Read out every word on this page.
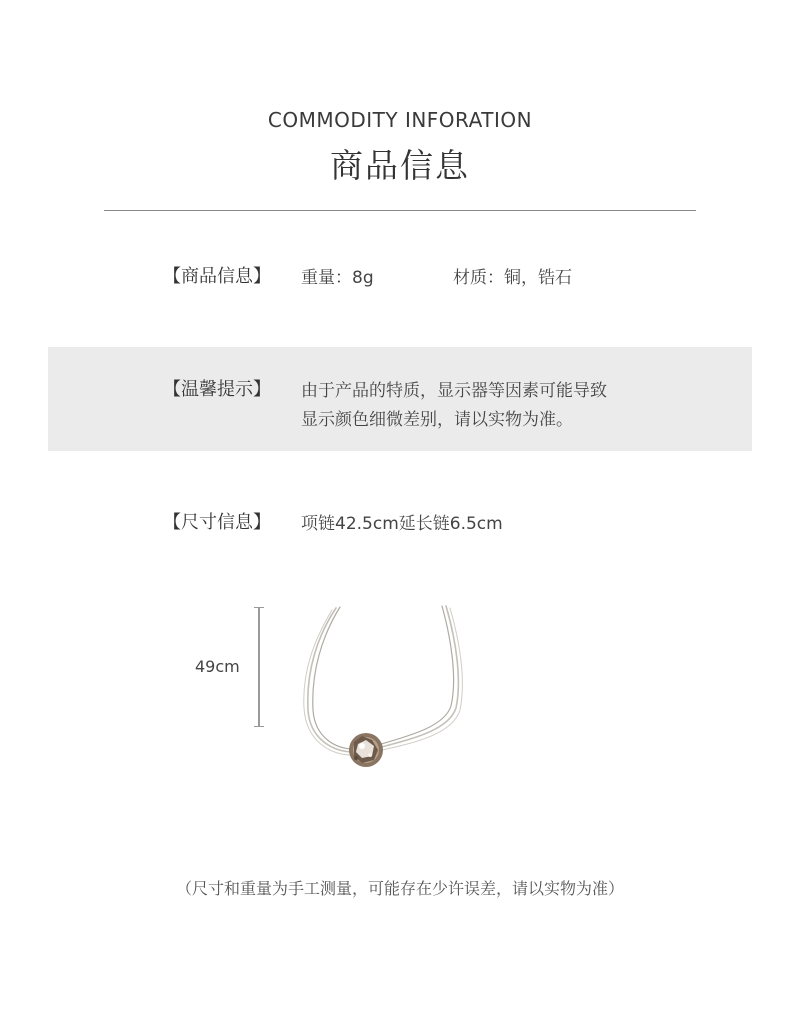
COMMODITY INFORATION
商品信息
【商品信息】 重量：8g	材质：铜，锆石
【温馨提示】 由于产品的特质，显示器等因素可能导致
显示颜色细微差别，请以实物为准。
【尺寸信息】 项链42.5cm延长链6.5cm
49cm
（尺寸和重量为手工测量，可能存在少许误差，请以实物为准）
